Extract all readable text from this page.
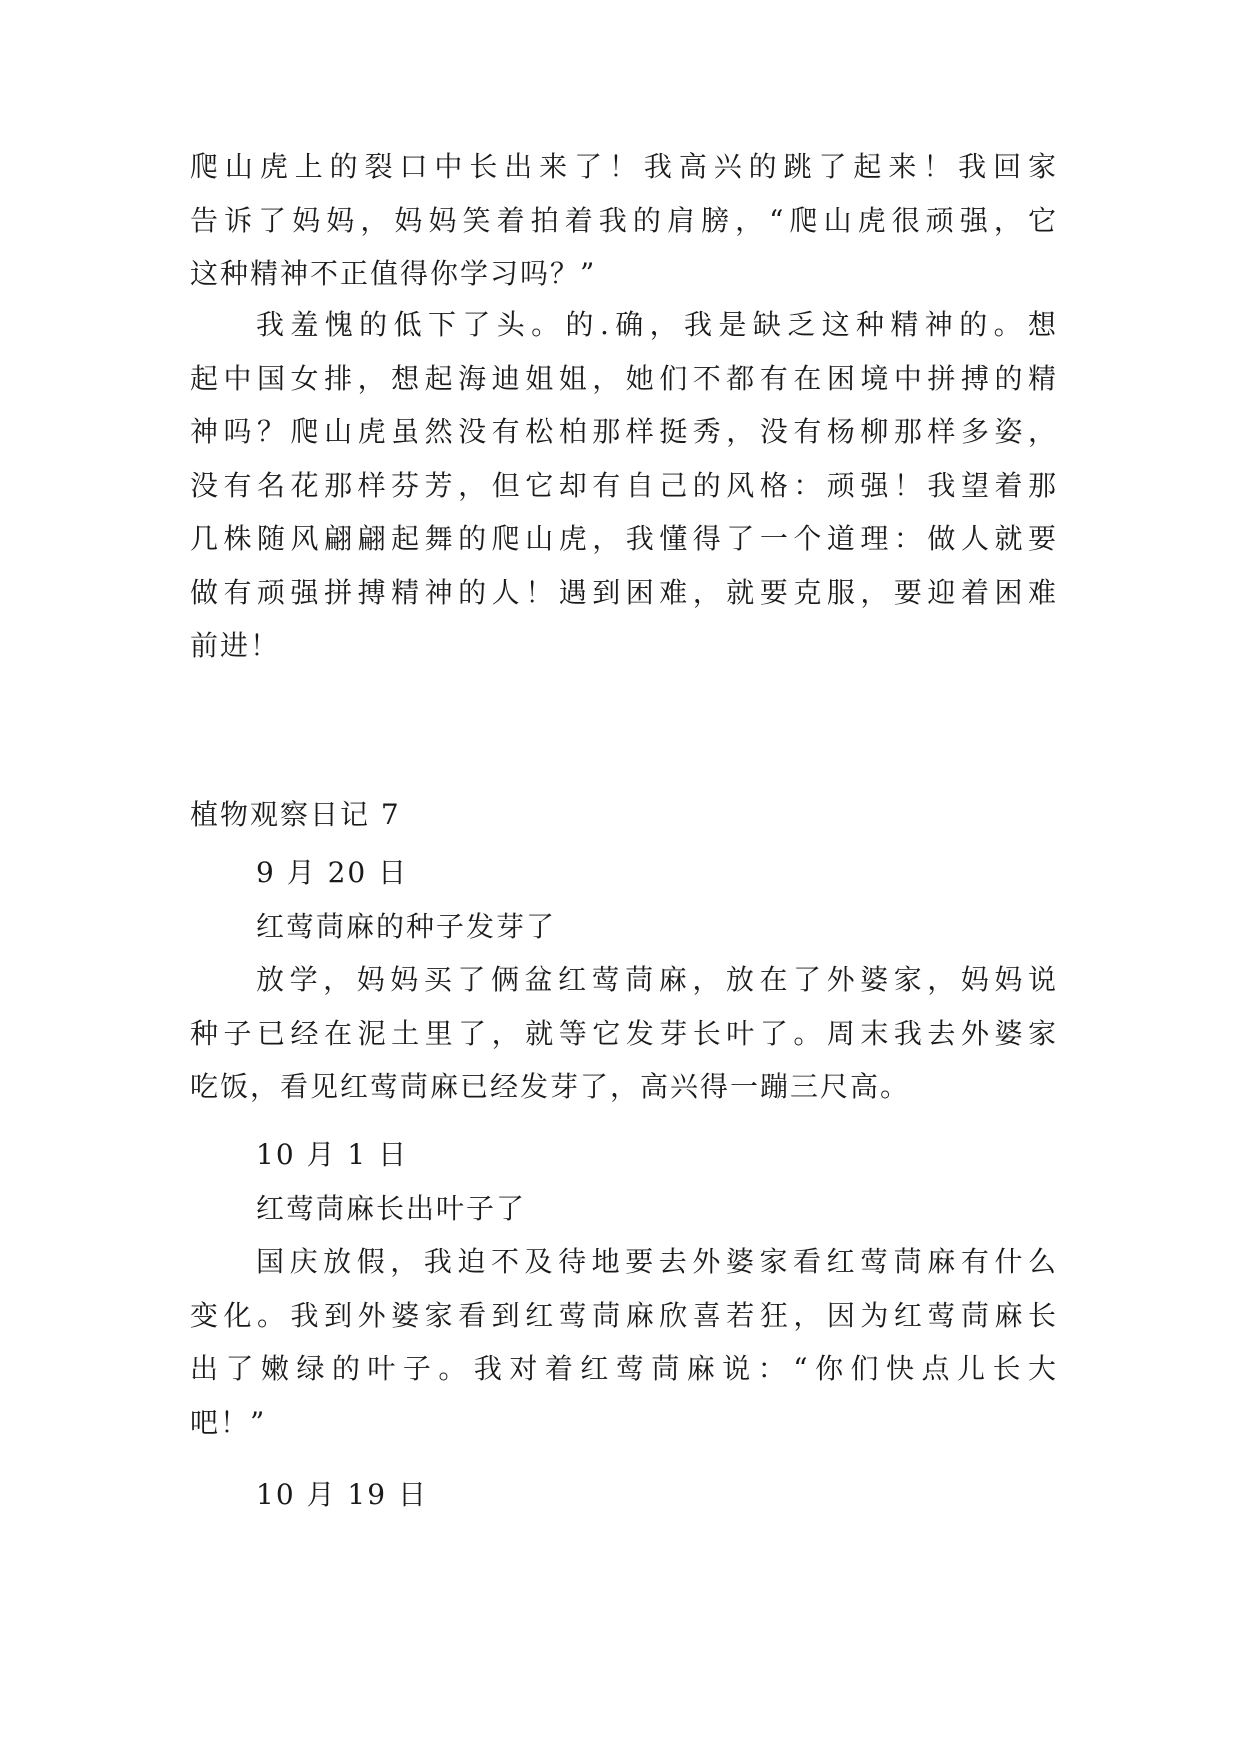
爬山虎上的裂口中长出来了！我高兴的跳了起来！我回家
告诉了妈妈，妈妈笑着拍着我的肩膀，“爬山虎很顽强，它
这种精神不正值得你学习吗？”
我羞愧的低下了头。的.确，我是缺乏这种精神的。想
起中国女排，想起海迪姐姐，她们不都有在困境中拼搏的精
神吗？爬山虎虽然没有松柏那样挺秀，没有杨柳那样多姿，
没有名花那样芬芳，但它却有自己的风格：顽强！我望着那
几株随风翩翩起舞的爬山虎，我懂得了一个道理：做人就要
做有顽强拼搏精神的人！遇到困难，就要克服，要迎着困难
前进！
植物观察日记 7
9 月 20 日
红莺茼麻的种子发芽了
放学，妈妈买了俩盆红莺茼麻，放在了外婆家，妈妈说
种子已经在泥土里了，就等它发芽长叶了。周末我去外婆家
吃饭，看见红莺茼麻已经发芽了，高兴得一蹦三尺高。
10 月 1 日
红莺茼麻长出叶子了
国庆放假，我迫不及待地要去外婆家看红莺茼麻有什么
变化。我到外婆家看到红莺茼麻欣喜若狂，因为红莺茼麻长
出了嫩绿的叶子。我对着红莺茼麻说：“你们快点儿长大
吧！”
10 月 19 日
